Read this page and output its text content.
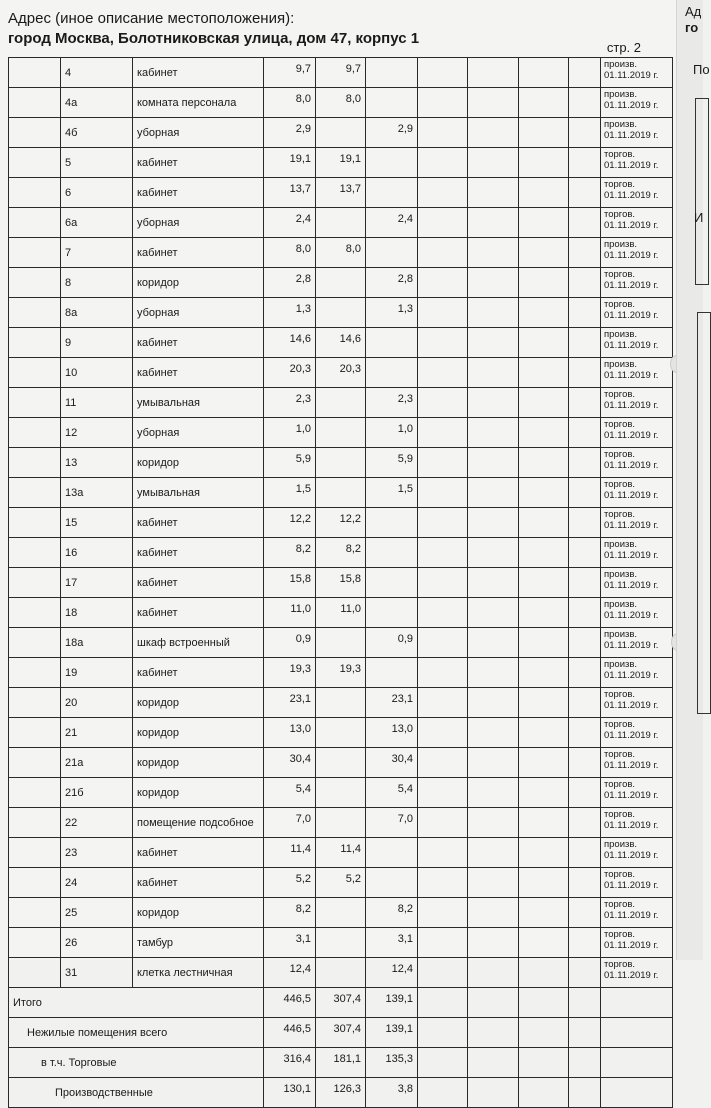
Адрес (иное описание местоположения):
город Москва, Болотниковская улица, дом 47, корпус 1
стр. 2
	4	кабинет	9,7	9,7						произв.
01.11.2019 г.

	4а	комната персонала	8,0	8,0						произв.
01.11.2019 г.

	4б	уборная	2,9		2,9					произв.
01.11.2019 г.

	5	кабинет	19,1	19,1						торгов.
01.11.2019 г.

	6	кабинет	13,7	13,7						торгов.
01.11.2019 г.

	6а	уборная	2,4		2,4					торгов.
01.11.2019 г.

	7	кабинет	8,0	8,0						произв.
01.11.2019 г.

	8	коридор	2,8		2,8					торгов.
01.11.2019 г.

	8а	уборная	1,3		1,3					торгов.
01.11.2019 г.

	9	кабинет	14,6	14,6						произв.
01.11.2019 г.

	10	кабинет	20,3	20,3						произв.
01.11.2019 г.

	11	умывальная	2,3		2,3					торгов.
01.11.2019 г.

	12	уборная	1,0		1,0					торгов.
01.11.2019 г.

	13	коридор	5,9		5,9					торгов.
01.11.2019 г.

	13а	умывальная	1,5		1,5					торгов.
01.11.2019 г.

	15	кабинет	12,2	12,2						торгов.
01.11.2019 г.

	16	кабинет	8,2	8,2						произв.
01.11.2019 г.

	17	кабинет	15,8	15,8						произв.
01.11.2019 г.

	18	кабинет	11,0	11,0						произв.
01.11.2019 г.

	18а	шкаф встроенный	0,9		0,9					произв.
01.11.2019 г.

	19	кабинет	19,3	19,3						произв.
01.11.2019 г.

	20	коридор	23,1		23,1					торгов.
01.11.2019 г.

	21	коридор	13,0		13,0					торгов.
01.11.2019 г.

	21а	коридор	30,4		30,4					торгов.
01.11.2019 г.

	21б	коридор	5,4		5,4					торгов.
01.11.2019 г.

	22	помещение подсобное	7,0		7,0					торгов.
01.11.2019 г.

	23	кабинет	11,4	11,4						произв.
01.11.2019 г.

	24	кабинет	5,2	5,2						торгов.
01.11.2019 г.

	25	коридор	8,2		8,2					торгов.
01.11.2019 г.

	26	тамбур	3,1		3,1					торгов.
01.11.2019 г.

	31	клетка лестничная	12,4		12,4					торгов.
01.11.2019 г.

Итого			446,5	307,4	139,1					
Нежилые помещения всего			446,5	307,4	139,1					
в т.ч. Торговые			316,4	181,1	135,3					
Производственные			130,1	126,3	3,8					
Ад
го
По
И
